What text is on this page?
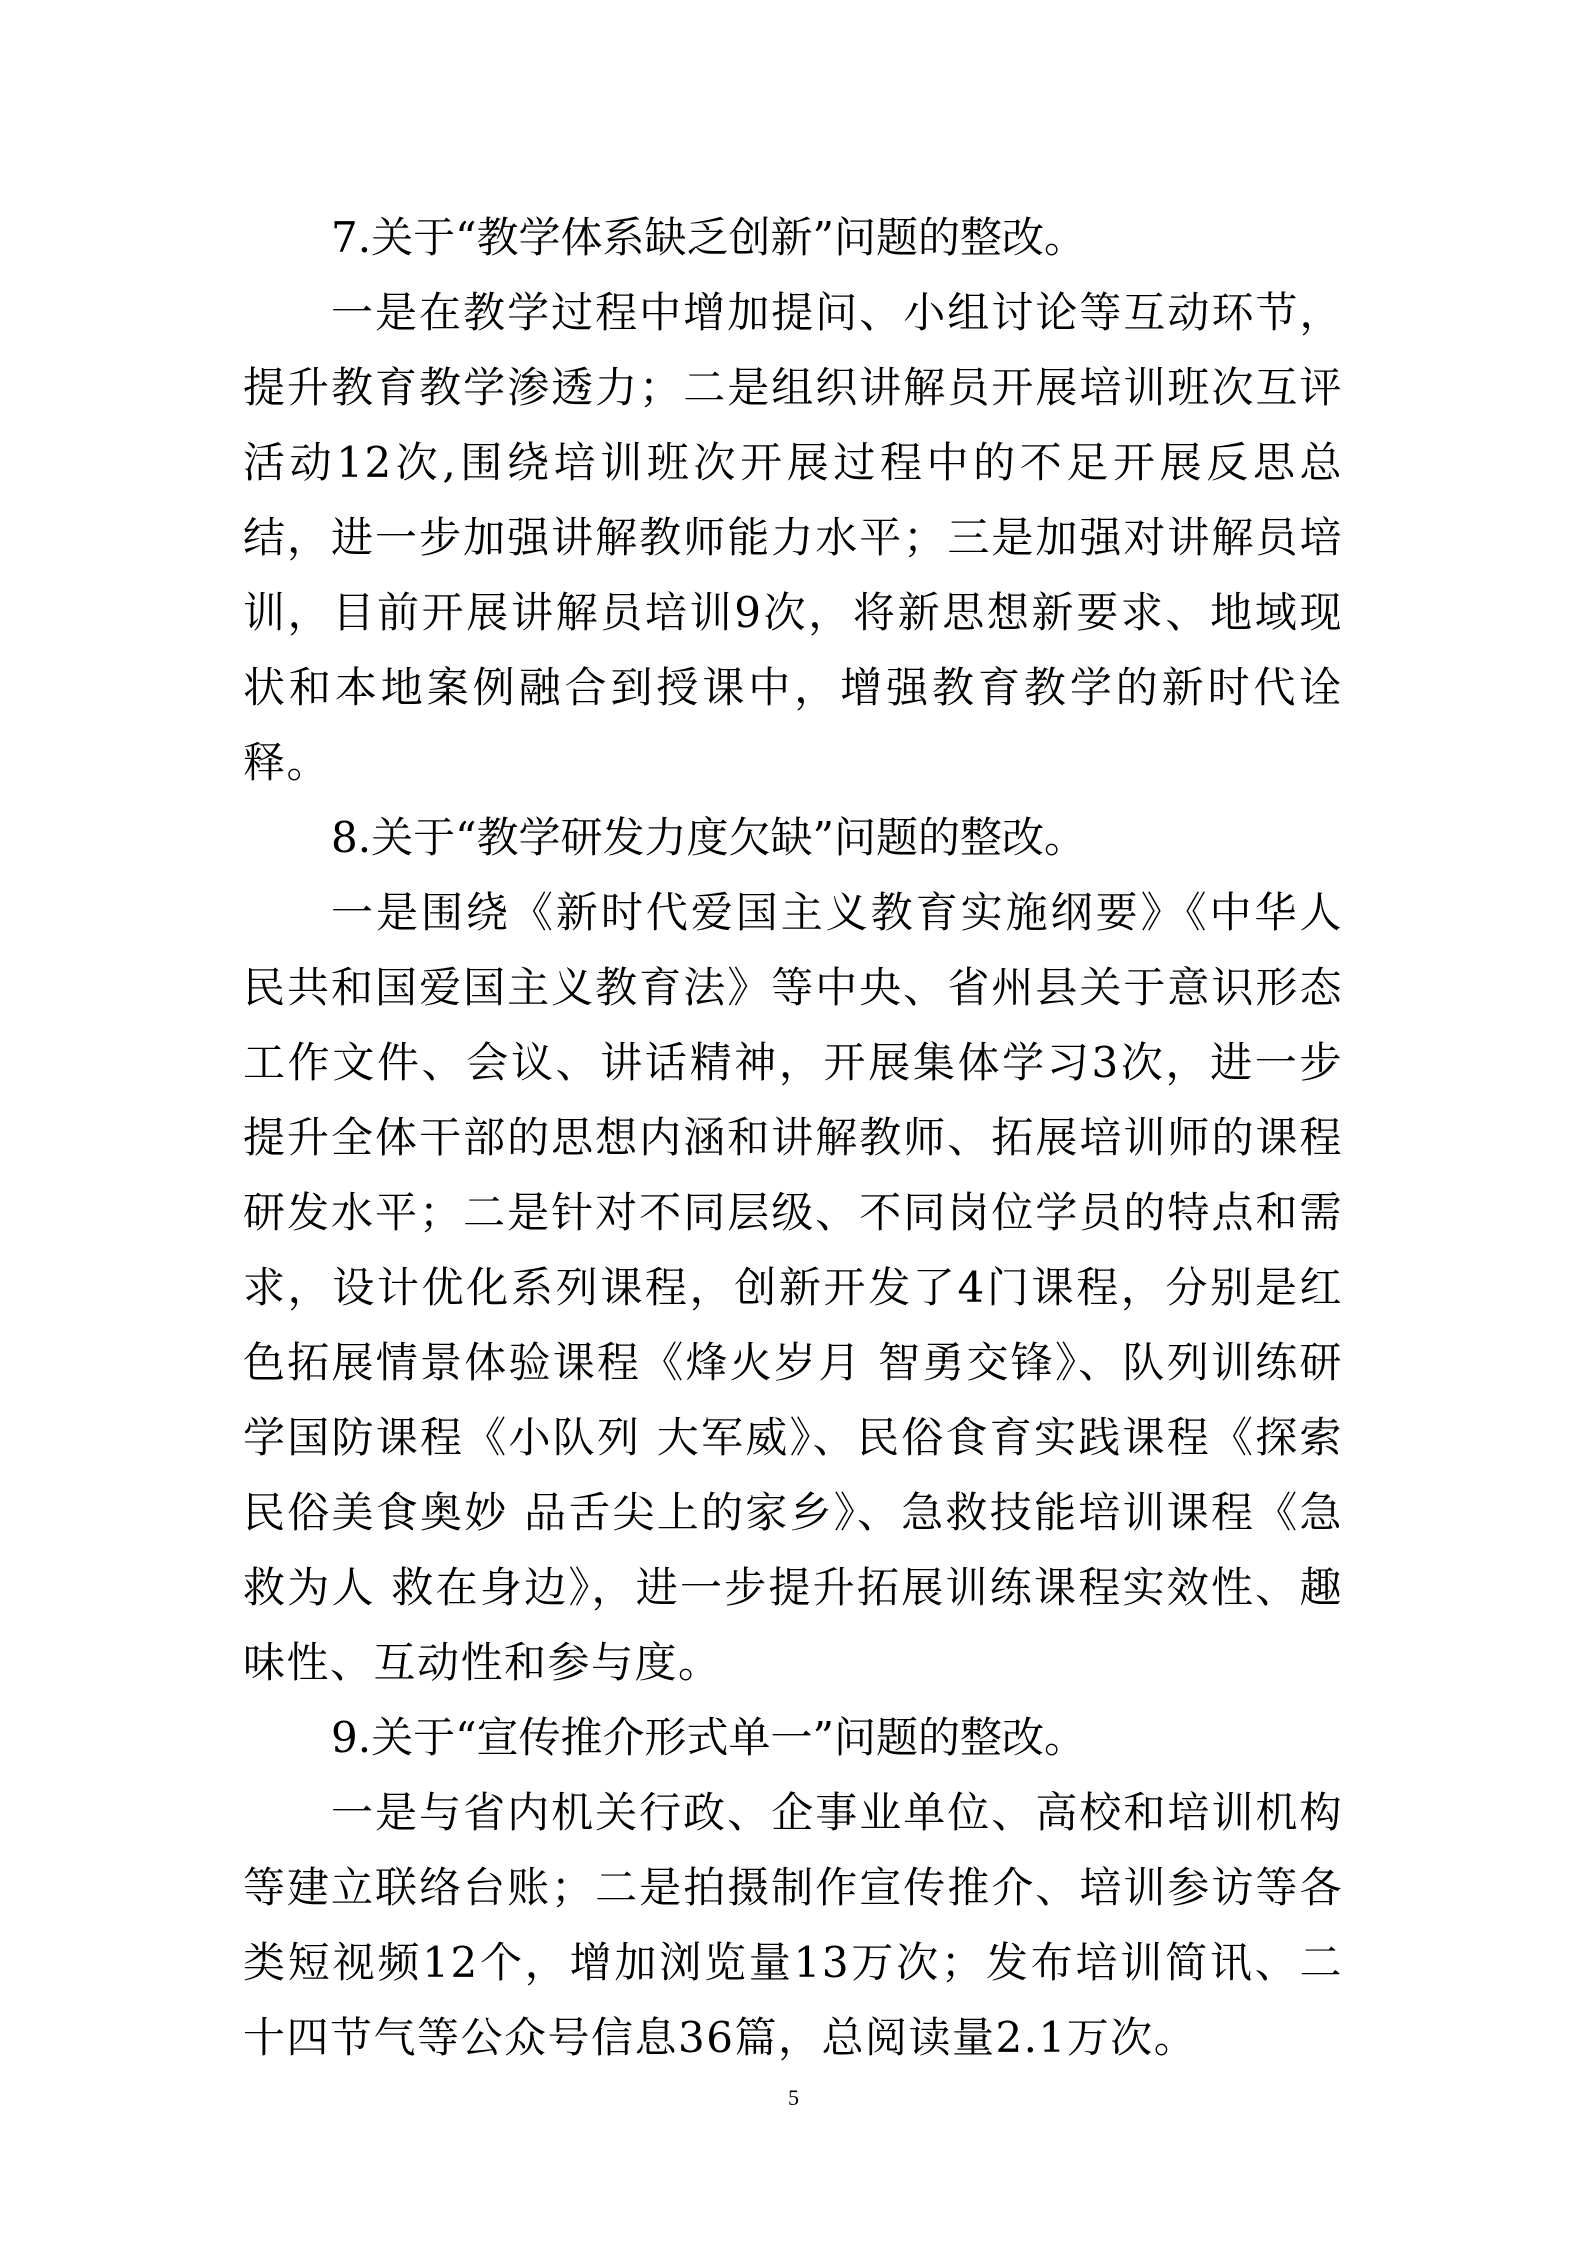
7.关于“教学体系缺乏创新”问题的整改。

一是在教学过程中增加提问、小组讨论等互动环节，提升教育教学渗透力；二是组织讲解员开展培训班次互评活动12次,围绕培训班次开展过程中的不足开展反思总结，进一步加强讲解教师能力水平；三是加强对讲解员培训，目前开展讲解员培训9次，将新思想新要求、地域现状和本地案例融合到授课中，增强教育教学的新时代诠释。

8.关于“教学研发力度欠缺”问题的整改。

一是围绕《新时代爱国主义教育实施纲要》《中华人民共和国爱国主义教育法》等中央、省州县关于意识形态工作文件、会议、讲话精神，开展集体学习3次，进一步提升全体干部的思想内涵和讲解教师、拓展培训师的课程研发水平；二是针对不同层级、不同岗位学员的特点和需求，设计优化系列课程，创新开发了4门课程，分别是红色拓展情景体验课程《烽火岁月 智勇交锋》、队列训练研学国防课程《小队列 大军威》、民俗食育实践课程《探索民俗美食奥妙 品舌尖上的家乡》、急救技能培训课程《急救为人 救在身边》，进一步提升拓展训练课程实效性、趣味性、互动性和参与度。

9.关于“宣传推介形式单一”问题的整改。

一是与省内机关行政、企事业单位、高校和培训机构等建立联络台账；二是拍摄制作宣传推介、培训参访等各类短视频12个，增加浏览量13万次；发布培训简讯、二十四节气等公众号信息36篇，总阅读量2.1万次。

5
